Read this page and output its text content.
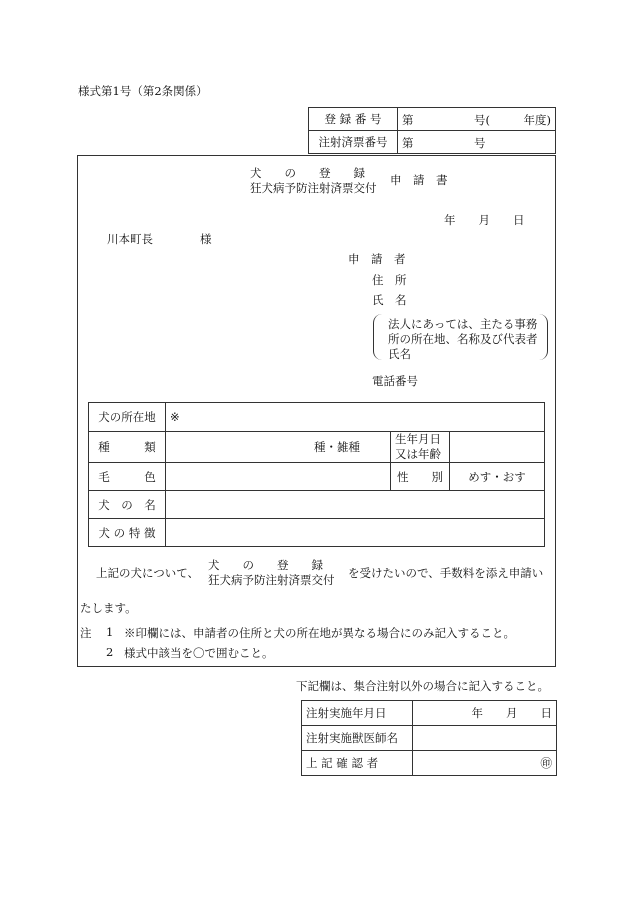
様式第1号（第2条関係）
登 録 番 号	第 号( 年度)

注射済票番号	第 号
犬　　の　　登　　録
狂犬病予防注射済票交付
申　請　書
年　　月　　日
川本町長	様
申　請　者
住　所
氏　名
法人にあっては、主たる事務
所の所在地、名称及び代表者
氏名
電話番号
犬の所在地	※		
種　　　類	種・雑種	生年月日
又は年齢	

毛　　　色		性　　別	めす・おす
犬　の　名			
犬 の 特 徴			
上記の犬について、
犬　　の　　登　　録
狂犬病予防注射済票交付 を受けたいので、手数料を添え申請い
たします。
注 1 ※印欄には、申請者の住所と犬の所在地が異なる場合にのみ記入すること。
2 様式中該当を〇で囲むこと。
下記欄は、集合注射以外の場合に記入すること。
注射実施年月日	年　　月　　日
注射実施獣医師名	
上 記 確 認 者	㊞
